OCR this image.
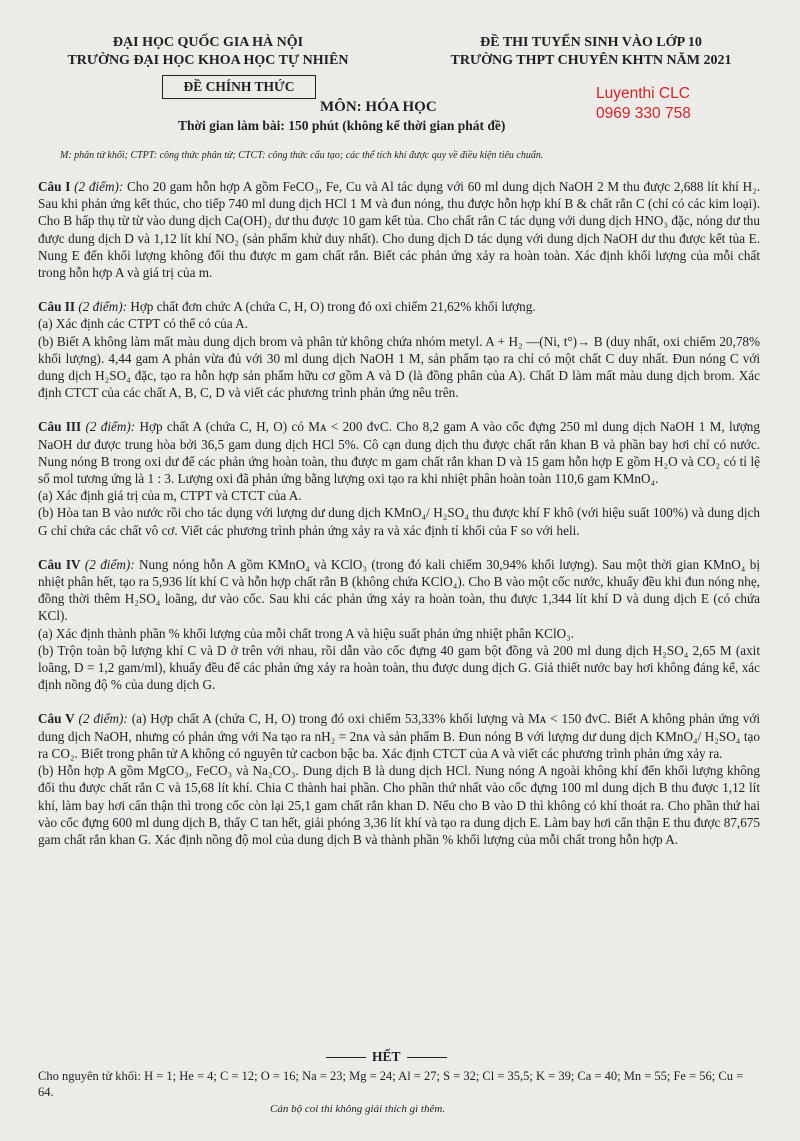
ĐẠI HỌC QUỐC GIA HÀ NỘI
TRƯỜNG ĐẠI HỌC KHOA HỌC TỰ NHIÊN
ĐỀ CHÍNH THỨC
ĐỀ THI TUYỂN SINH VÀO LỚP 10
TRƯỜNG THPT CHUYÊN KHTN NĂM 2021
Luyenthi CLC
0969 330 758
MÔN: HÓA HỌC
Thời gian làm bài: 150 phút (không kể thời gian phát đề)
M: phân tử khối; CTPT: công thức phân tử; CTCT: công thức cấu tạo; các thể tích khí được quy về điều kiện tiêu chuẩn.
Câu I (2 điểm): Cho 20 gam hỗn hợp A gồm FeCO₃, Fe, Cu và Al tác dụng với 60 ml dung dịch NaOH 2 M thu được 2,688 lít khí H₂. Sau khi phản ứng kết thúc, cho tiếp 740 ml dung dịch HCl 1 M và đun nóng, thu được hỗn hợp khí B & chất rắn C (chỉ có các kim loại). Cho B hấp thụ từ từ vào dung dịch Ca(OH)₂ dư thu được 10 gam kết tủa. Cho chất rắn C tác dụng với dung dịch HNO₃ đặc, nóng dư thu được dung dịch D và 1,12 lít khí NO₂ (sản phẩm khử duy nhất). Cho dung dịch D tác dụng với dung dịch NaOH dư thu được kết tủa E. Nung E đến khối lượng không đổi thu được m gam chất rắn. Biết các phản ứng xảy ra hoàn toàn. Xác định khối lượng của mỗi chất trong hỗn hợp A và giá trị của m.
Câu II (2 điểm): Hợp chất đơn chức A (chứa C, H, O) trong đó oxi chiếm 21,62% khối lượng.
(a) Xác định các CTPT có thể có của A.
(b) Biết A không làm mất màu dung dịch brom và phân tử không chứa nhóm metyl. A + H₂ —(Ni, t°)→ B (duy nhất, oxi chiếm 20,78% khối lượng). 4,44 gam A phản vừa đủ với 30 ml dung dịch NaOH 1 M, sản phẩm tạo ra chỉ có một chất C duy nhất. Đun nóng C với dung dịch H₂SO₄ đặc, tạo ra hỗn hợp sản phẩm hữu cơ gồm A và D (là đồng phân của A). Chất D làm mất màu dung dịch brom. Xác định CTCT của các chất A, B, C, D và viết các phương trình phản ứng nêu trên.
Câu III (2 điểm): Hợp chất A (chứa C, H, O) có Mᴀ < 200 đvC. Cho 8,2 gam A vào cốc đựng 250 ml dung dịch NaOH 1 M, lượng NaOH dư được trung hòa bởi 36,5 gam dung dịch HCl 5%. Cô cạn dung dịch thu được chất rắn khan B và phần bay hơi chỉ có nước. Nung nóng B trong oxi dư để các phản ứng hoàn toàn, thu được m gam chất rắn khan D và 15 gam hỗn hợp E gồm H₂O và CO₂ có tỉ lệ số mol tương ứng là 1 : 3. Lượng oxi đã phản ứng bằng lượng oxi tạo ra khi nhiệt phân hoàn toàn 110,6 gam KMnO₄.
(a) Xác định giá trị của m, CTPT và CTCT của A.
(b) Hòa tan B vào nước rồi cho tác dụng với lượng dư dung dịch KMnO₄/ H₂SO₄ thu được khí F khô (với hiệu suất 100%) và dung dịch G chỉ chứa các chất vô cơ. Viết các phương trình phản ứng xảy ra và xác định tỉ khối của F so với heli.
Câu IV (2 điểm): Nung nóng hỗn A gồm KMnO₄ và KClO₃ (trong đó kali chiếm 30,94% khối lượng). Sau một thời gian KMnO₄ bị nhiệt phân hết, tạo ra 5,936 lít khí C và hỗn hợp chất rắn B (không chứa KClO₄). Cho B vào một cốc nước, khuấy đều khi đun nóng nhẹ, đồng thời thêm H₂SO₄ loãng, dư vào cốc. Sau khi các phản ứng xảy ra hoàn toàn, thu được 1,344 lít khí D và dung dịch E (có chứa KCl).
(a) Xác định thành phần % khối lượng của mỗi chất trong A và hiệu suất phản ứng nhiệt phân KClO₃.
(b) Trộn toàn bộ lượng khí C và D ở trên với nhau, rồi dẫn vào cốc đựng 40 gam bột đồng và 200 ml dung dịch H₂SO₄ 2,65 M (axit loãng, D = 1,2 gam/ml), khuấy đều để các phản ứng xảy ra hoàn toàn, thu được dung dịch G. Giả thiết nước bay hơi không đáng kể, xác định nồng độ % của dung dịch G.
Câu V (2 điểm): (a) Hợp chất A (chứa C, H, O) trong đó oxi chiếm 53,33% khối lượng và Mᴀ < 150 đvC. Biết A không phản ứng với dung dịch NaOH, nhưng có phản ứng với Na tạo ra nH₂ = 2nᴀ và sản phẩm B. Đun nóng B với lượng dư dung dịch KMnO₄/ H₂SO₄ tạo ra CO₂. Biết trong phân tử A không có nguyên tử cacbon bậc ba. Xác định CTCT của A và viết các phương trình phản ứng xảy ra.
(b) Hỗn hợp A gồm MgCO₃, FeCO₃ và Na₂CO₃. Dung dịch B là dung dịch HCl. Nung nóng A ngoài không khí đến khối lượng không đổi thu được chất rắn C và 15,68 lít khí. Chia C thành hai phần. Cho phần thứ nhất vào cốc đựng 100 ml dung dịch B thu được 1,12 lít khí, làm bay hơi cẩn thận thì trong cốc còn lại 25,1 gam chất rắn khan D. Nếu cho B vào D thì không có khí thoát ra. Cho phần thứ hai vào cốc đựng 600 ml dung dịch B, thấy C tan hết, giải phóng 3,36 lít khí và tạo ra dung dịch E. Làm bay hơi cẩn thận E thu được 87,675 gam chất rắn khan G. Xác định nồng độ mol của dung dịch B và thành phần % khối lượng của mỗi chất trong hỗn hợp A.
HẾT
Cho nguyên tử khối: H = 1; He = 4; C = 12; O = 16; Na = 23; Mg = 24; Al = 27; S = 32; Cl = 35,5; K = 39; Ca = 40; Mn = 55; Fe = 56; Cu = 64.
Cán bộ coi thi không giải thích gì thêm.
